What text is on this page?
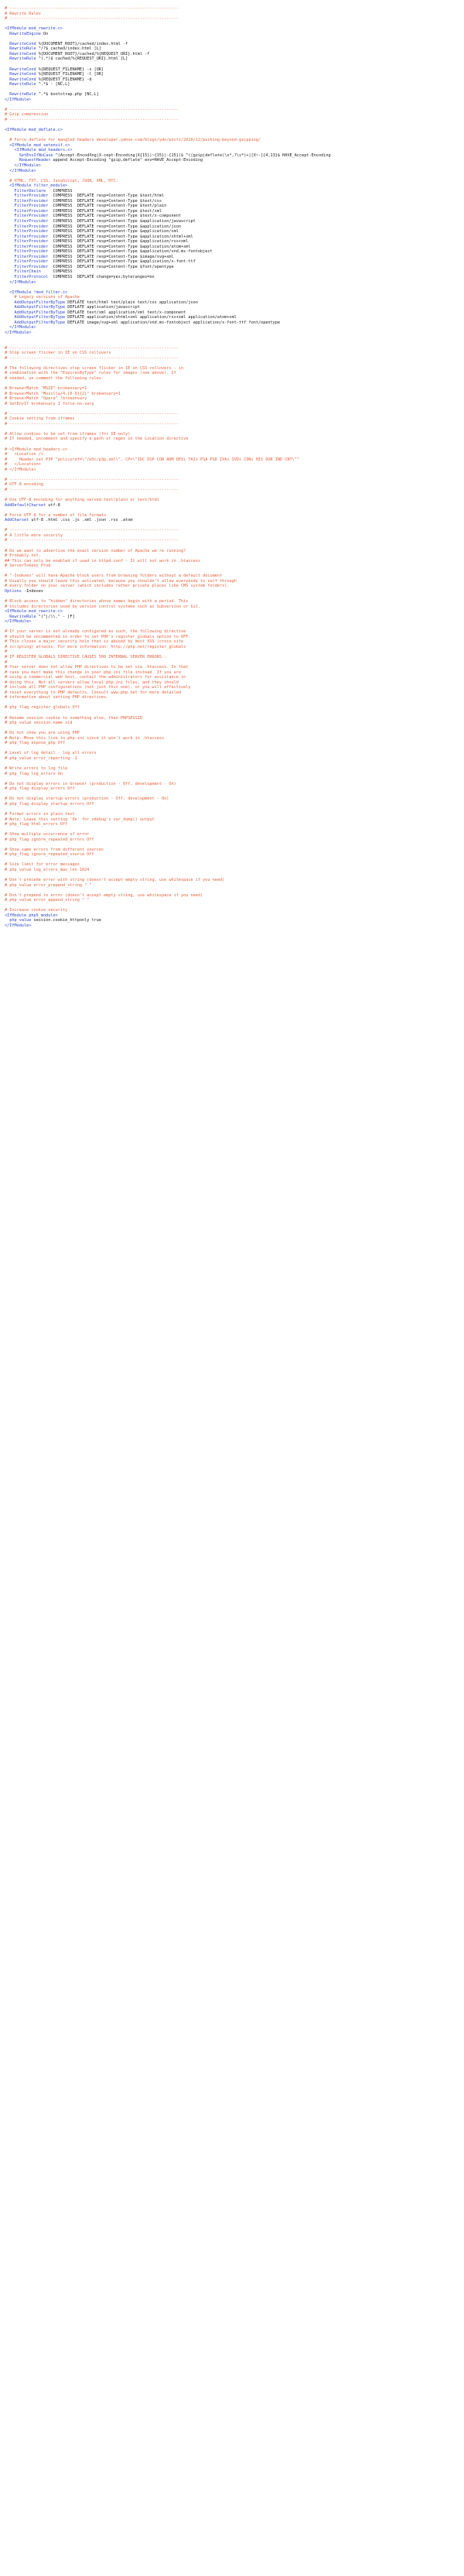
# ----------------------------------------------------------------------
# Rewrite Rules
# ----------------------------------------------------------------------
<IfModule mod_rewrite.c>
RewriteEngine On
RewriteCond %{DOCUMENT_ROOT}/cached/index.html -f
RewriteRule ^/?$ cached/index.html [L]
RewriteCond %{DOCUMENT_ROOT}/cached/%{REQUEST_URI}.html -f
RewriteRule ^(.*)$ cached/%{REQUEST_URI}.html [L]
RewriteCond %{REQUEST_FILENAME} -s [OR]
RewriteCond %{REQUEST_FILENAME} -l [OR]
RewriteCond %{REQUEST_FILENAME} -d
RewriteRule ^.*$ - [NC,L]
RewriteRule ^.*$ bootstrap.php [NC,L]
</IfModule>
# ----------------------------------------------------------------------
# Gzip compression
# ----------------------------------------------------------------------
<IfModule mod_deflate.c>
# Force deflate for mangled headers developer.yahoo.com/blogs/ydn/posts/2010/12/pushing-beyond-gzipping/
<IfModule mod_setenvif.c>
<IfModule mod_headers.c>
SetEnvIfNoCase ^(Accept-EncodXng|X-cept-Encoding|X{15}|~{15}|-{15})$ ^((gzip|deflate)\s*,?\s*)+|[X~-]{4,13}$ HAVE_Accept-Encoding
RequestHeader append Accept-Encoding "gzip,deflate" env=HAVE_Accept-Encoding
</IfModule>
</IfModule>
# HTML, TXT, CSS, JavaScript, JSON, XML, HTC:
<IfModule filter_module>
FilterDeclare   COMPRESS
FilterProvider  COMPRESS  DEFLATE resp=Content-Type $text/html
FilterProvider  COMPRESS  DEFLATE resp=Content-Type $text/css
FilterProvider  COMPRESS  DEFLATE resp=Content-Type $text/plain
FilterProvider  COMPRESS  DEFLATE resp=Content-Type $text/xml
FilterProvider  COMPRESS  DEFLATE resp=Content-Type $text/x-component
FilterProvider  COMPRESS  DEFLATE resp=Content-Type $application/javascript
FilterProvider  COMPRESS  DEFLATE resp=Content-Type $application/json
FilterProvider  COMPRESS  DEFLATE resp=Content-Type $application/xml
FilterProvider  COMPRESS  DEFLATE resp=Content-Type $application/xhtml+xml
FilterProvider  COMPRESS  DEFLATE resp=Content-Type $application/rss+xml
FilterProvider  COMPRESS  DEFLATE resp=Content-Type $application/atom+xml
FilterProvider  COMPRESS  DEFLATE resp=Content-Type $application/vnd.ms-fontobject
FilterProvider  COMPRESS  DEFLATE resp=Content-Type $image/svg+xml
FilterProvider  COMPRESS  DEFLATE resp=Content-Type $application/x-font-ttf
FilterProvider  COMPRESS  DEFLATE resp=Content-Type $font/opentype
FilterChain     COMPRESS
FilterProtocol  COMPRESS  DEFLATE change=yes;byteranges=no
</IfModule>
<IfModule !mod_filter.c>
# Legacy versions of Apache
AddOutputFilterByType DEFLATE text/html text/plain text/css application/json
AddOutputFilterByType DEFLATE application/javascript
AddOutputFilterByType DEFLATE text/xml application/xml text/x-component
AddOutputFilterByType DEFLATE application/xhtml+xml application/rss+xml application/atom+xml
AddOutputFilterByType DEFLATE image/svg+xml application/vnd.ms-fontobject application/x-font-ttf font/opentype
</IfModule>
</IfModule>
# ----------------------------------------------------------------------
# Stop screen flicker in IE on CSS rollovers
# ----------------------------------------------------------------------
# The following directives stop screen flicker in IE on CSS rollovers - in
# combination with the "ExpiresByType" rules for images (see above). If
# needed, un-comment the following rules.
# BrowserMatch "MSIE" brokenvary=1
# BrowserMatch "Mozilla/4.[0-9]{2}" brokenvary=1
# BrowserMatch "Opera" !brokenvary
# SetEnvIf brokenvary 1 force-no-vary
# ----------------------------------------------------------------------
# Cookie setting from iframes
# ----------------------------------------------------------------------
# Allow cookies to be set from iframes (for IE only)
# If needed, uncomment and specify a path or regex in the Location directive
# <IfModule mod_headers.c>
#   <Location />
#     Header set P3P "policyref=\"/w3c/p3p.xml\", CP=\"IDC DSP COR ADM DEVi TAIi PSA PSD IVAi IVDi CONi HIS OUR IND CNT\""
#   </Location>
# </IfModule>
# ----------------------------------------------------------------------
# UTF-8 encoding
# ----------------------------------------------------------------------
# Use UTF-8 encoding for anything served text/plain or text/html
AddDefaultCharset utf-8
# Force UTF-8 for a number of file formats
AddCharset utf-8 .html .css .js .xml .json .rss .atom
# ----------------------------------------------------------------------
# A little more security
# ----------------------------------------------------------------------
# Do we want to advertise the exact version number of Apache we're running?
# Probably not.
## This can only be enabled if used in httpd.conf - It will not work in .htaccess
# ServerTokens Prod
# "-Indexes" will have Apache block users from browsing folders without a default document
# Usually you should leave this activated, because you shouldn't allow everybody to surf through
# every folder on your server (which includes rather private places like CMS system folders).
Options -Indexes
# Block access to "hidden" directories whose names begin with a period. This
# includes directories used by version control systems such as Subversion or Git.
<IfModule mod_rewrite.c>
RewriteRule "(^|/)\." - [F]
</IfModule>
# If your server is not already configured as such, the following directive
# should be uncommented in order to set PHP's register_globals option to OFF.
# This closes a major security hole that is abused by most XSS (cross-site
# scripting) attacks. For more information: http://php.net/register_globals
#
# IF REGISTER_GLOBALS DIRECTIVE CAUSES 500 INTERNAL SERVER ERRORS :
#
# Your server does not allow PHP directives to be set via .htaccess. In that
# case you must make this change in your php.ini file instead. If you are
# using a commercial web host, contact the administrators for assistance in
# doing this. Not all servers allow local php.ini files, and they should
# include all PHP configurations (not just this one), or you will effectively
# reset everything to PHP defaults. Consult www.php.net for more detailed
# information about setting PHP directives.
# php_flag register_globals Off
# Rename session cookie to something else, than PHPSESSID
# php_value session.name sid
# Do not show you are using PHP
# Note: Move this line to php.ini since it won't work in .htaccess
# php_flag expose_php Off
# Level of log detail - log all errors
# php_value error_reporting -1
# Write errors to log file
# php_flag log_errors On
# Do not display errors in browser (production - Off, development - On)
# php_flag display_errors Off
# Do not display startup errors (production - Off, development - On)
# php_flag display_startup_errors Off
# Format errors in plain text
# Note: Leave this setting 'On' for xdebug's var_dump() output
# php_flag html_errors Off
# Show multiple occurrence of error
# php_flag ignore_repeated_errors Off
# Show same errors from different sources
# php_flag ignore_repeated_source Off
# Size limit for error messages
# php_value log_errors_max_len 1024
# Don't precede error with string (doesn't accept empty string, use whitespace if you need)
# php_value error_prepend_string " "
# Don't prepend to error (doesn't accept empty string, use whitespace if you need)
# php_value error_append_string " "
# Increase cookie security
<IfModule php5_module>
php_value session.cookie_httponly true
</IfModule>
